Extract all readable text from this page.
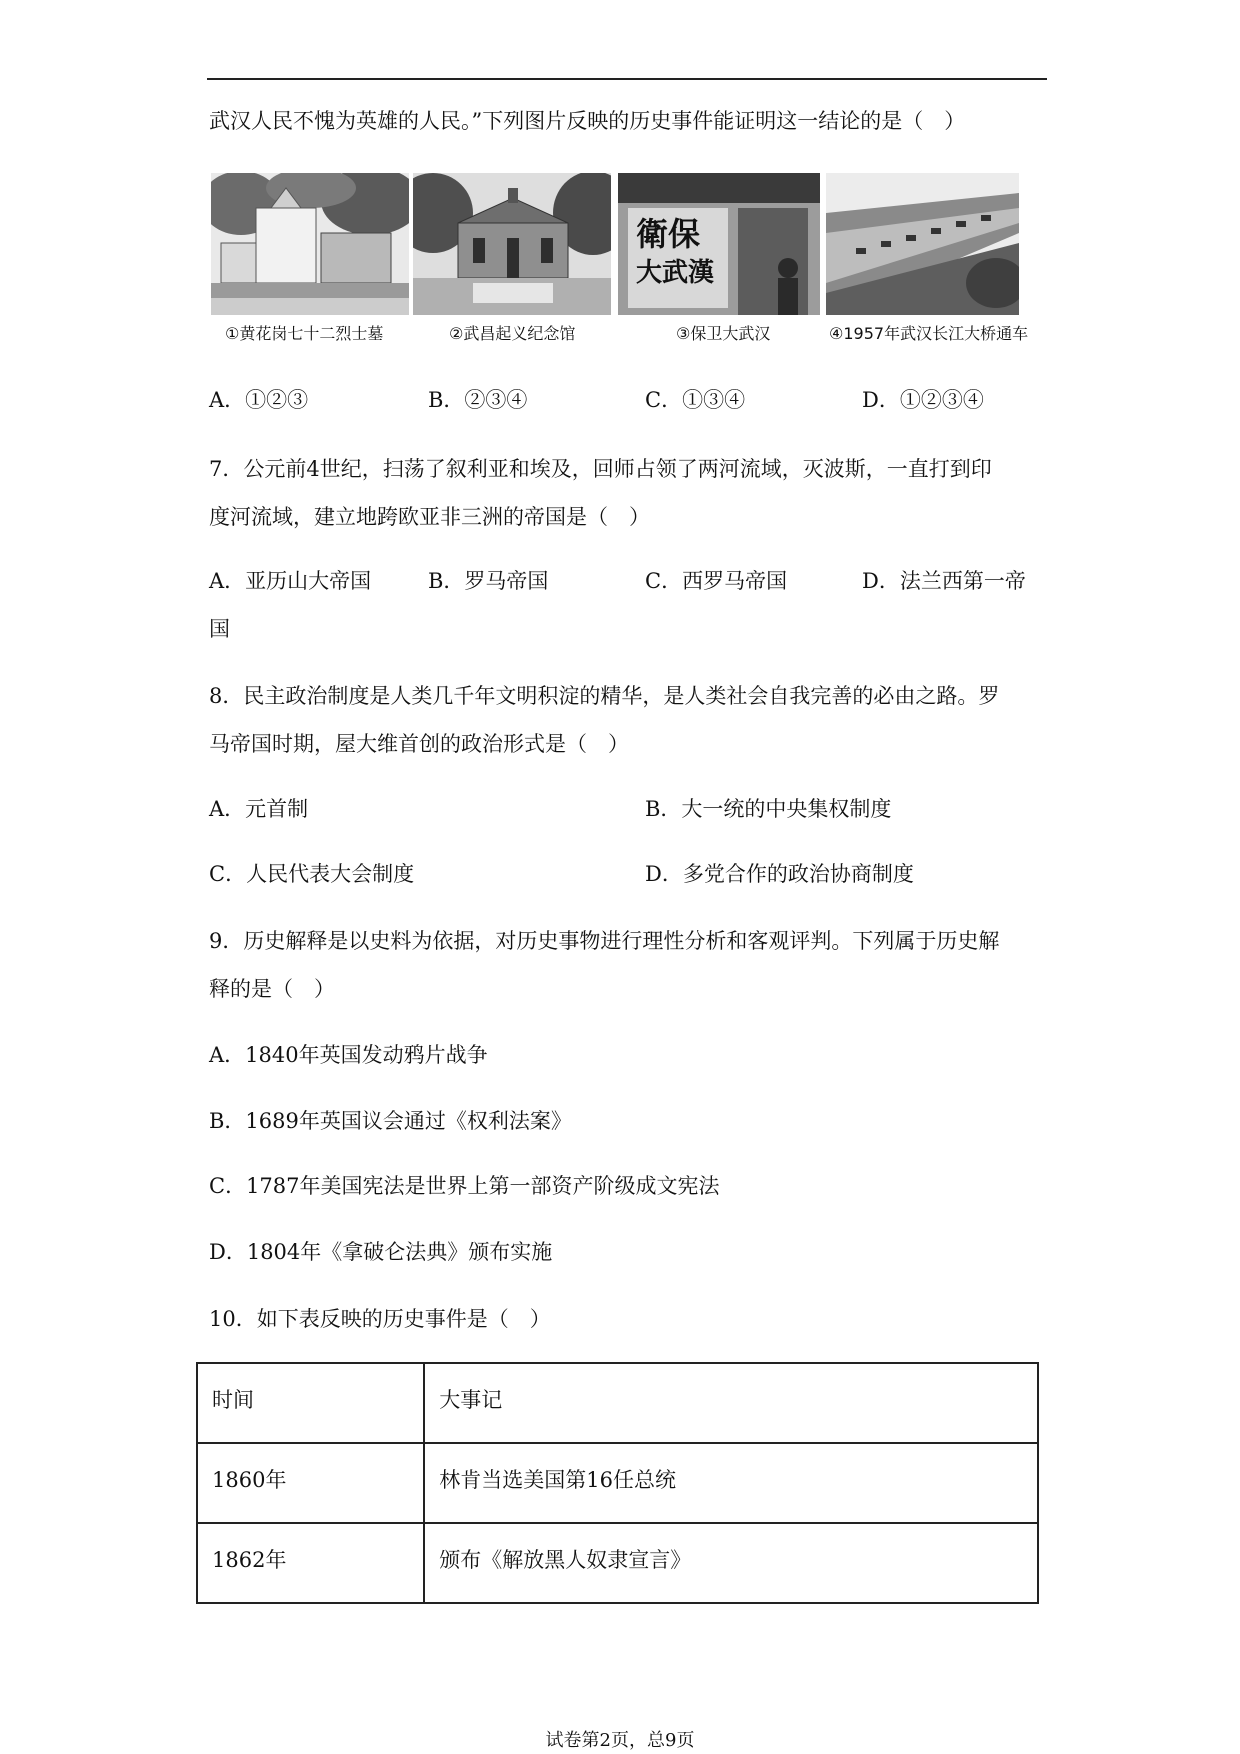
武汉人民不愧为英雄的人民。”下列图片反映的历史事件能证明这一结论的是（　）
衛保
大武漢
①黄花岗七十二烈士墓	②武昌起义纪念馆	③保卫大武汉	④1957年武汉长江大桥通车
A．①②③	B．②③④	C．①③④	D．①②③④
7．公元前4世纪，扫荡了叙利亚和埃及，回师占领了两河流域，灭波斯，一直打到印
度河流域，建立地跨欧亚非三洲的帝国是（　）
A．亚历山大帝国	B．罗马帝国	C．西罗马帝国	D．法兰西第一帝
国
8．民主政治制度是人类几千年文明积淀的精华，是人类社会自我完善的必由之路。罗
马帝国时期，屋大维首创的政治形式是（　）
A．元首制	B．大一统的中央集权制度
C．人民代表大会制度	D．多党合作的政治协商制度
9．历史解释是以史料为依据，对历史事物进行理性分析和客观评判。下列属于历史解
释的是（　）
A．1840年英国发动鸦片战争
B．1689年英国议会通过《权利法案》
C．1787年美国宪法是世界上第一部资产阶级成文宪法
D．1804年《拿破仑法典》颁布实施
10．如下表反映的历史事件是（　）
时间	大事记
1860年	林肯当选美国第16任总统
1862年	颁布《解放黑人奴隶宣言》
试卷第2页，总9页
